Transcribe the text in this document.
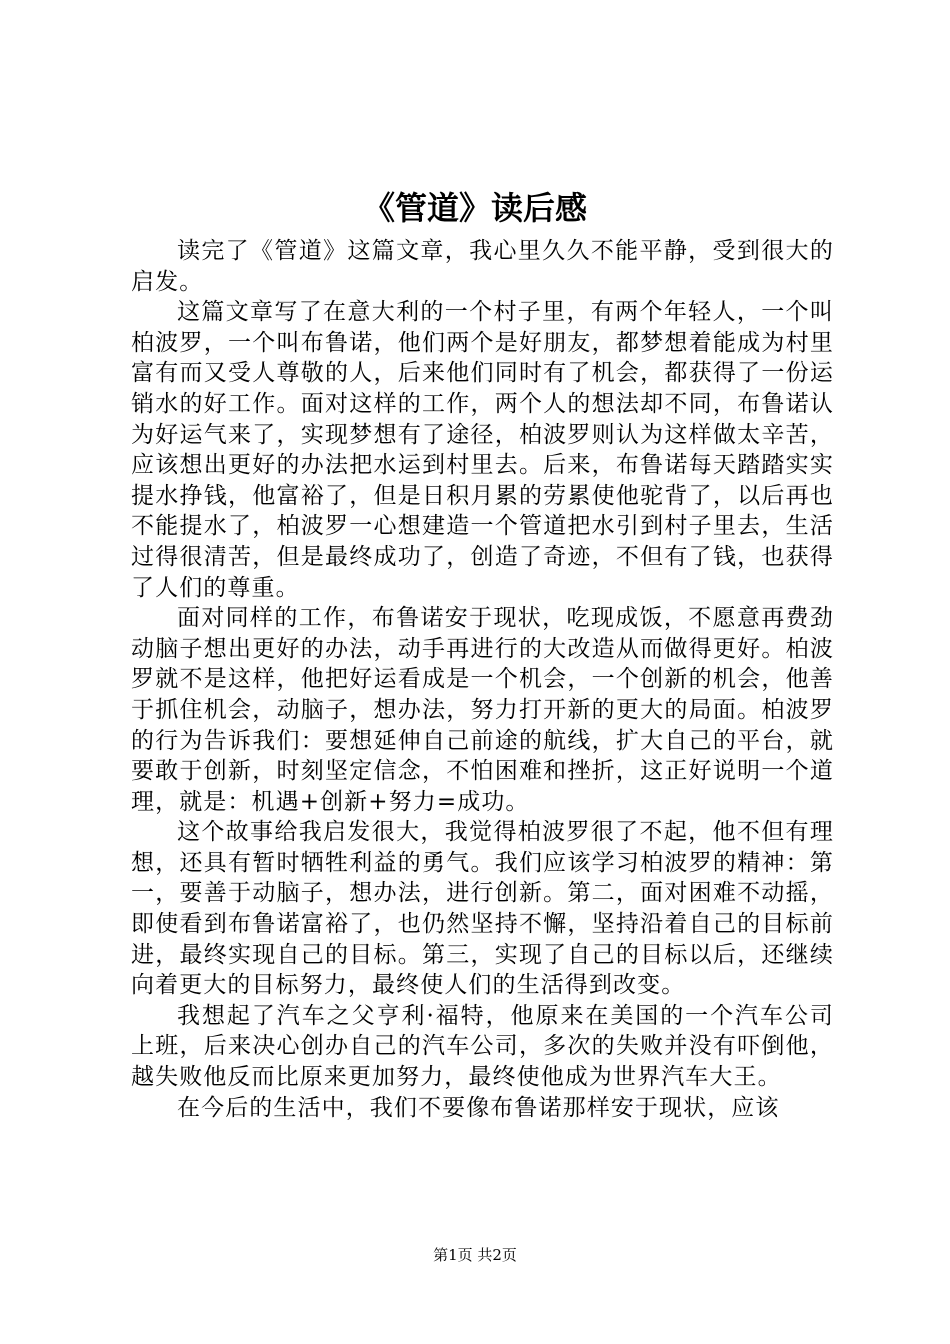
《管道》读后感

读完了《管道》这篇文章，我心里久久不能平静，受到很大的启发。

这篇文章写了在意大利的一个村子里，有两个年轻人，一个叫柏波罗，一个叫布鲁诺，他们两个是好朋友，都梦想着能成为村里富有而又受人尊敬的人，后来他们同时有了机会，都获得了一份运销水的好工作。面对这样的工作，两个人的想法却不同，布鲁诺认为好运气来了，实现梦想有了途径，柏波罗则认为这样做太辛苦，应该想出更好的办法把水运到村里去。后来，布鲁诺每天踏踏实实提水挣钱，他富裕了，但是日积月累的劳累使他驼背了，以后再也不能提水了，柏波罗一心想建造一个管道把水引到村子里去，生活过得很清苦，但是最终成功了，创造了奇迹，不但有了钱，也获得了人们的尊重。

面对同样的工作，布鲁诺安于现状，吃现成饭，不愿意再费劲动脑子想出更好的办法，动手再进行的大改造从而做得更好。柏波罗就不是这样，他把好运看成是一个机会，一个创新的机会，他善于抓住机会，动脑子，想办法，努力打开新的更大的局面。柏波罗的行为告诉我们：要想延伸自己前途的航线，扩大自己的平台，就要敢于创新，时刻坚定信念，不怕困难和挫折，这正好说明一个道理，就是：机遇+创新+努力=成功。

这个故事给我启发很大，我觉得柏波罗很了不起，他不但有理想，还具有暂时牺牲利益的勇气。我们应该学习柏波罗的精神：第一，要善于动脑子，想办法，进行创新。第二，面对困难不动摇，即使看到布鲁诺富裕了，也仍然坚持不懈，坚持沿着自己的目标前进，最终实现自己的目标。第三，实现了自己的目标以后，还继续向着更大的目标努力，最终使人们的生活得到改变。

我想起了汽车之父亨利·福特，他原来在美国的一个汽车公司上班，后来决心创办自己的汽车公司，多次的失败并没有吓倒他，越失败他反而比原来更加努力，最终使他成为世界汽车大王。

在今后的生活中，我们不要像布鲁诺那样安于现状，应该

第1页 共2页
